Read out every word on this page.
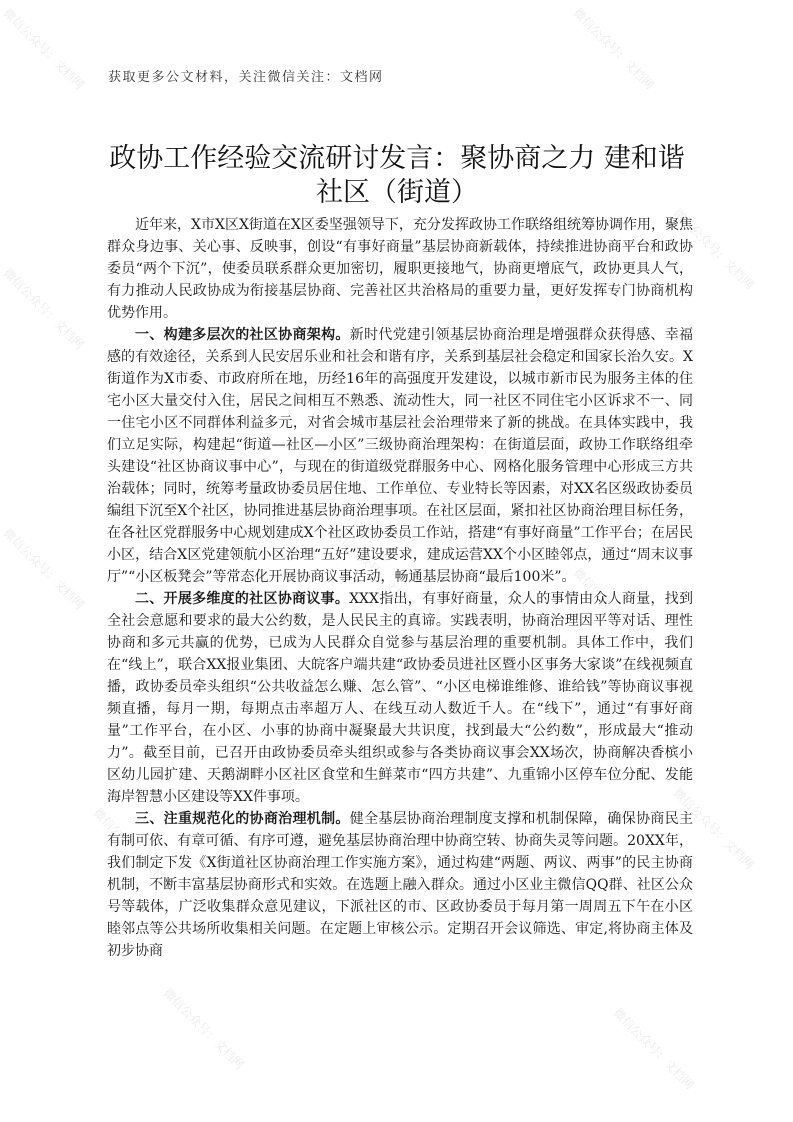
微信公众号：文档网	微信公众号：文档网
微信公众号：文档网
微信公众号：文档网
微信公众号：文档网	微信公众号：文档网
微信公众号：文档网
微信公众号：文档网
微信公众号：文档网	微信公众号：文档网
微信公众号：文档网
获取更多公文材料，关注微信关注：文档网
政协工作经验交流研讨发言：聚协商之力 建和谐社区（街道）

近年来，X市X区X街道在X区委坚强领导下，充分发挥政协工作联络组统筹协调作用，聚焦群众身边事、关心事、反映事，创设“有事好商量”基层协商新载体，持续推进协商平台和政协委员“两个下沉”，使委员联系群众更加密切，履职更接地气，协商更增底气，政协更具人气，有力推动人民政协成为衔接基层协商、完善社区共治格局的重要力量，更好发挥专门协商机构优势作用。

一、构建多层次的社区协商架构。新时代党建引领基层协商治理是增强群众获得感、幸福感的有效途径，关系到人民安居乐业和社会和谐有序，关系到基层社会稳定和国家长治久安。X街道作为X市委、市政府所在地，历经16年的高强度开发建设，以城市新市民为服务主体的住宅小区大量交付入住，居民之间相互不熟悉、流动性大，同一社区不同住宅小区诉求不一、同一住宅小区不同群体利益多元，对省会城市基层社会治理带来了新的挑战。在具体实践中，我们立足实际，构建起“街道—社区—小区”三级协商治理架构：在街道层面，政协工作联络组牵头建设“社区协商议事中心”，与现在的街道级党群服务中心、网格化服务管理中心形成三方共治载体；同时，统筹考量政协委员居住地、工作单位、专业特长等因素，对XX名区级政协委员编组下沉至X个社区，协同推进基层协商治理事项。在社区层面，紧扣社区协商治理目标任务，在各社区党群服务中心规划建成X个社区政协委员工作站，搭建“有事好商量”工作平台；在居民小区，结合X区党建领航小区治理“五好”建设要求，建成运营XX个小区睦邻点，通过“周末议事厅”“小区板凳会”等常态化开展协商议事活动，畅通基层协商“最后100米”。

二、开展多维度的社区协商议事。XXX指出，有事好商量，众人的事情由众人商量，找到全社会意愿和要求的最大公约数，是人民民主的真谛。实践表明，协商治理因平等对话、理性协商和多元共赢的优势，已成为人民群众自觉参与基层治理的重要机制。具体工作中，我们在“线上”，联合XX报业集团、大皖客户端共建“政协委员进社区暨小区事务大家谈”在线视频直播，政协委员牵头组织“公共收益怎么赚、怎么管”、“小区电梯谁维修、谁给钱”等协商议事视频直播，每月一期，每期点击率超万人、在线互动人数近千人。在“线下”，通过“有事好商量”工作平台，在小区、小事的协商中凝聚最大共识度，找到最大“公约数”，形成最大“推动力”。截至目前，已召开由政协委员牵头组织或参与各类协商议事会XX场次，协商解决香槟小区幼儿园扩建、天鹅湖畔小区社区食堂和生鲜菜市“四方共建”、九重锦小区停车位分配、发能海岸智慧小区建设等XX件事项。

三、注重规范化的协商治理机制。健全基层协商治理制度支撑和机制保障，确保协商民主有制可依、有章可循、有序可遵，避免基层协商治理中协商空转、协商失灵等问题。20XX年，我们制定下发《X街道社区协商治理工作实施方案》，通过构建“两题、两议、两事”的民主协商机制，不断丰富基层协商形式和实效。在选题上融入群众。通过小区业主微信QQ群、社区公众号等载体，广泛收集群众意见建议，下派社区的市、区政协委员于每月第一周周五下午在小区睦邻点等公共场所收集相关问题。在定题上审核公示。定期召开会议筛选、审定,将协商主体及初步协商
